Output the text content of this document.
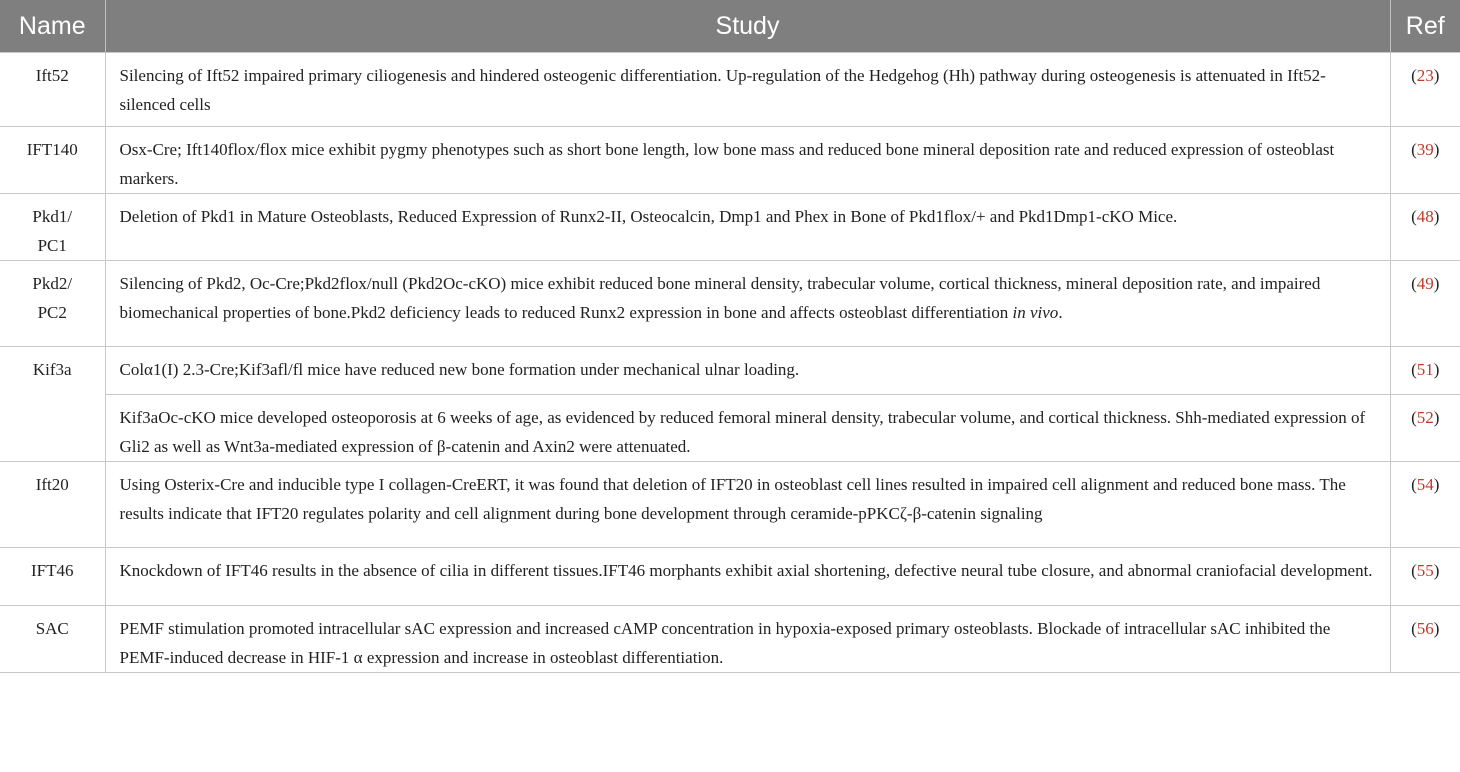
Name	Study	Ref

Ift52	Silencing of Ift52 impaired primary ciliogenesis and hindered osteogenic differentiation. Up-regulation of the Hedgehog (Hh) pathway during osteogenesis is attenuated in Ift52-silenced cells	(23)

IFT140	Osx-Cre; Ift140flox/flox mice exhibit pygmy phenotypes such as short bone length, low bone mass and reduced bone mineral deposition rate and reduced expression of osteoblast markers.	(39)

Pkd1/
PC1	Deletion of Pkd1 in Mature Osteoblasts, Reduced Expression of Runx2-II, Osteocalcin, Dmp1 and Phex in Bone of Pkd1flox/+ and Pkd1Dmp1-cKO Mice.	(48)

Pkd2/
PC2	Silencing of Pkd2, Oc-Cre;Pkd2flox/null (Pkd2Oc-cKO) mice exhibit reduced bone mineral density, trabecular volume, cortical thickness, mineral deposition rate, and impaired biomechanical properties of bone.Pkd2 deficiency leads to reduced Runx2 expression in bone and affects osteoblast differentiation in vivo.	(49)

Kif3a	Colα1(I) 2.3-Cre;Kif3afl/fl mice have reduced new bone formation under mechanical ulnar loading.	(51)
	Kif3aOc-cKO mice developed osteoporosis at 6 weeks of age, as evidenced by reduced femoral mineral density, trabecular volume, and cortical thickness. Shh-mediated expression of Gli2 as well as Wnt3a-mediated expression of β-catenin and Axin2 were attenuated.	(52)

Ift20	Using Osterix-Cre and inducible type I collagen-CreERT, it was found that deletion of IFT20 in osteoblast cell lines resulted in impaired cell alignment and reduced bone mass. The results indicate that IFT20 regulates polarity and cell alignment during bone development through ceramide-pPKCζ-β-catenin signaling	(54)

IFT46	Knockdown of IFT46 results in the absence of cilia in different tissues.IFT46 morphants exhibit axial shortening, defective neural tube closure, and abnormal craniofacial development.	(55)

SAC	PEMF stimulation promoted intracellular sAC expression and increased cAMP concentration in hypoxia-exposed primary osteoblasts. Blockade of intracellular sAC inhibited the PEMF-induced decrease in HIF-1 α expression and increase in osteoblast differentiation.	(56)
